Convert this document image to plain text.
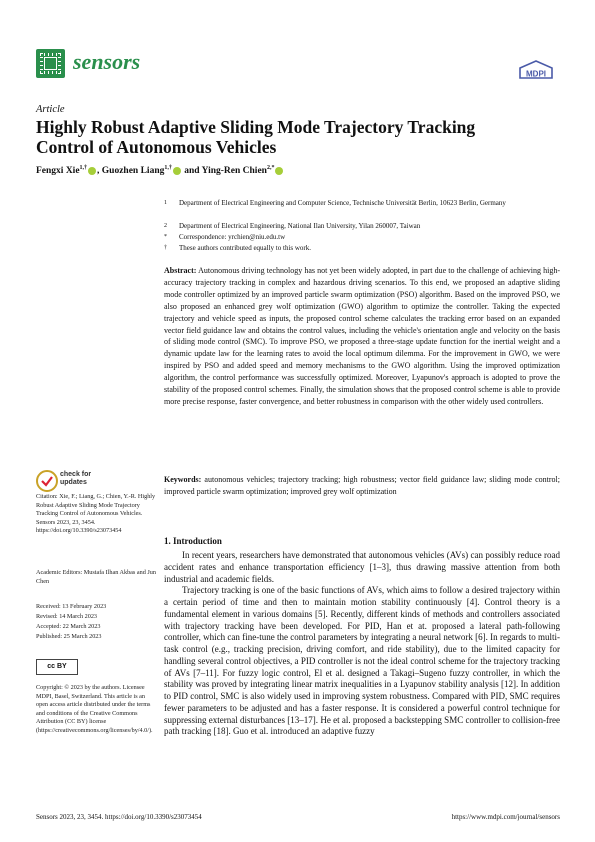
sensors	MDPI
Article
Highly Robust Adaptive Sliding Mode Trajectory Tracking Control of Autonomous Vehicles
Fengxi Xie$^{1,\dagger}$ , Guozhen Liang$^{1,\dagger}$ and Ying-Ren Chien$^{2,*}$
1 Department of Electrical Engineering and Computer Science, Technische Universität Berlin, 10623 Berlin, Germany
2 Department of Electrical Engineering, National Ilan University, Yilan 260007, Taiwan
* Correspondence: yrchien@niu.edu.tw
† These authors contributed equally to this work.
Abstract: Autonomous driving technology has not yet been widely adopted, in part due to the challenge of achieving high-accuracy trajectory tracking in complex and hazardous driving scenarios. To this end, we proposed an adaptive sliding mode controller optimized by an improved particle swarm optimization (PSO) algorithm. Based on the improved PSO, we also proposed an enhanced grey wolf optimization (GWO) algorithm to optimize the controller. Taking the expected trajectory and vehicle speed as inputs, the proposed control scheme calculates the tracking error based on an expanded vector field guidance law and obtains the control values, including the vehicle's orientation angle and velocity on the basis of sliding mode control (SMC). To improve PSO, we proposed a three-stage update function for the inertial weight and a dynamic update law for the learning rates to avoid the local optimum dilemma. For the improvement in GWO, we were inspired by PSO and added speed and memory mechanisms to the GWO algorithm. Using the improved optimization algorithm, the control performance was successfully optimized. Moreover, Lyapunov's approach is adopted to prove the stability of the proposed control schemes. Finally, the simulation shows that the proposed control scheme is able to provide more precise response, faster convergence, and better robustness in comparison with the other widely used controllers.
Keywords: autonomous vehicles; trajectory tracking; high robustness; vector field guidance law; sliding mode control; improved particle swarm optimization; improved grey wolf optimization
check for
updates
Citation: Xie, F.; Liang, G.; Chien, Y.-R. Highly Robust Adaptive Sliding Mode Trajectory Tracking Control of Autonomous Vehicles. Sensors 2023, 23, 3454. https://doi.org/10.3390/s23073454
Academic Editors: Mustafa Ilhan Akbas and Jun Chen
Received: 13 February 2023
Revised: 14 March 2023
Accepted: 22 March 2023
Published: 25 March 2023
cc BY
Copyright: © 2023 by the authors. Licensee MDPI, Basel, Switzerland. This article is an open access article distributed under the terms and conditions of the Creative Commons Attribution (CC BY) license (https://creativecommons.org/licenses/by/4.0/).
1. Introduction

In recent years, researchers have demonstrated that autonomous vehicles (AVs) can possibly reduce road accident rates and enhance transportation efficiency [1–3], thus drawing massive attention from both industrial and academic fields.

Trajectory tracking is one of the basic functions of AVs, which aims to follow a desired trajectory within a certain period of time and then to maintain motion stability continuously [4]. Control theory is a fundamental element in various domains [5]. Recently, different kinds of methods and controllers associated with trajectory tracking have been developed. For PID, Han et at. proposed a lateral path-following controller, which can fine-tune the control parameters by integrating a neural network [6]. In regards to multi-task control (e.g., tracking precision, driving comfort, and ride stability), due to the limited capacity for handling several control objectives, a PID controller is not the ideal control scheme for the trajectory tracking of AVs [7–11]. For fuzzy logic control, El et al. designed a Takagi–Sugeno fuzzy controller, in which the stability was proved by integrating linear matrix inequalities in a Lyapunov stability analysis [12]. In addition to PID control, SMC is also widely used in improving system robustness. Compared with PID, SMC requires fewer parameters to be adjusted and has a faster response. It is considered a powerful control technique for suppressing external disturbances [13–17]. He et al. proposed a backstepping SMC controller to collision-free path tracking [18]. Guo et al. introduced an adaptive fuzzy

Sensors 2023, 23, 3454. https://doi.org/10.3390/s23073454	https://www.mdpi.com/journal/sensors
